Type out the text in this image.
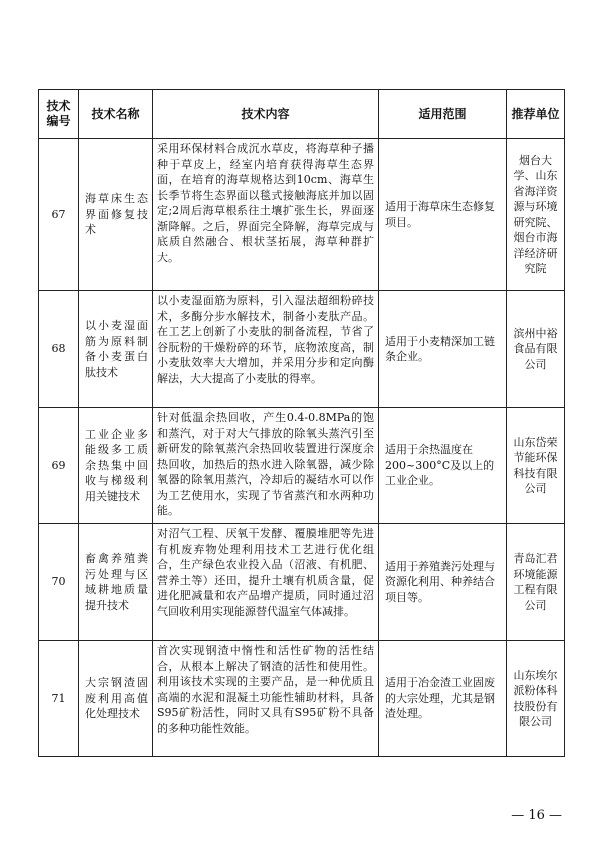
技术编号	技术名称	技术内容	适用范围	推荐单位
67	海草床生态界面修复技术	采用环保材料合成沉水草皮，将海草种子播种于草皮上，经室内培育获得海草生态界面，在培育的海草规格达到10cm、海草生长季节将生态界面以毯式接触海底并加以固定;2周后海草根系往土壤扩张生长，界面逐渐降解。之后，界面完全降解，海草完成与底质自然融合、根状茎拓展，海草种群扩大。	适用于海草床生态修复项目。	烟台大学、山东省海洋资源与环境研究院、烟台市海洋经济研究院
68	以小麦湿面筋为原料制备小麦蛋白肽技术	以小麦湿面筋为原料，引入湿法超细粉碎技术，多酶分步水解技术，制备小麦肽产品。在工艺上创新了小麦肽的制备流程，节省了谷朊粉的干燥粉碎的环节，底物浓度高，制小麦肽效率大大增加，并采用分步和定向酶解法，大大提高了小麦肽的得率。	适用于小麦精深加工链条企业。	滨州中裕食品有限公司
69	工业企业多能级多工质余热集中回收与梯级利用关键技术	针对低温余热回收，产生0.4-0.8MPa的饱和蒸汽，对于对大气排放的除氧头蒸汽引至新研发的除氧蒸汽余热回收装置进行深度余热回收，加热后的热水进入除氧器，减少除氧器的除氧用蒸汽，冷却后的凝结水可以作为工艺使用水，实现了节省蒸汽和水两种功能。	适用于余热温度在200~300°C及以上的工业企业。	山东岱荣节能环保科技有限公司
70	畜禽养殖粪污处理与区域耕地质量提升技术	对沼气工程、厌氧干发酵、覆膜堆肥等先进有机废弃物处理利用技术工艺进行优化组合，生产绿色农业投入品（沼液、有机肥、营养土等）还田，提升土壤有机质含量，促进化肥减量和农产品增产提质，同时通过沼气回收利用实现能源替代温室气体减排。	适用于养殖粪污处理与资源化利用、种养结合项目等。	青岛汇君环境能源工程有限公司
71	大宗钢渣固废利用高值化处理技术	首次实现钢渣中惰性和活性矿物的活性结合，从根本上解决了钢渣的活性和使用性。利用该技术实现的主要产品，是一种优质且高端的水泥和混凝土功能性辅助材料，具备S95矿粉活性，同时又具有S95矿粉不具备的多种功能性效能。	适用于冶金渣工业固废的大宗处理，尤其是钢渣处理。	山东埃尔派粉体科技股份有限公司
— 16 —
